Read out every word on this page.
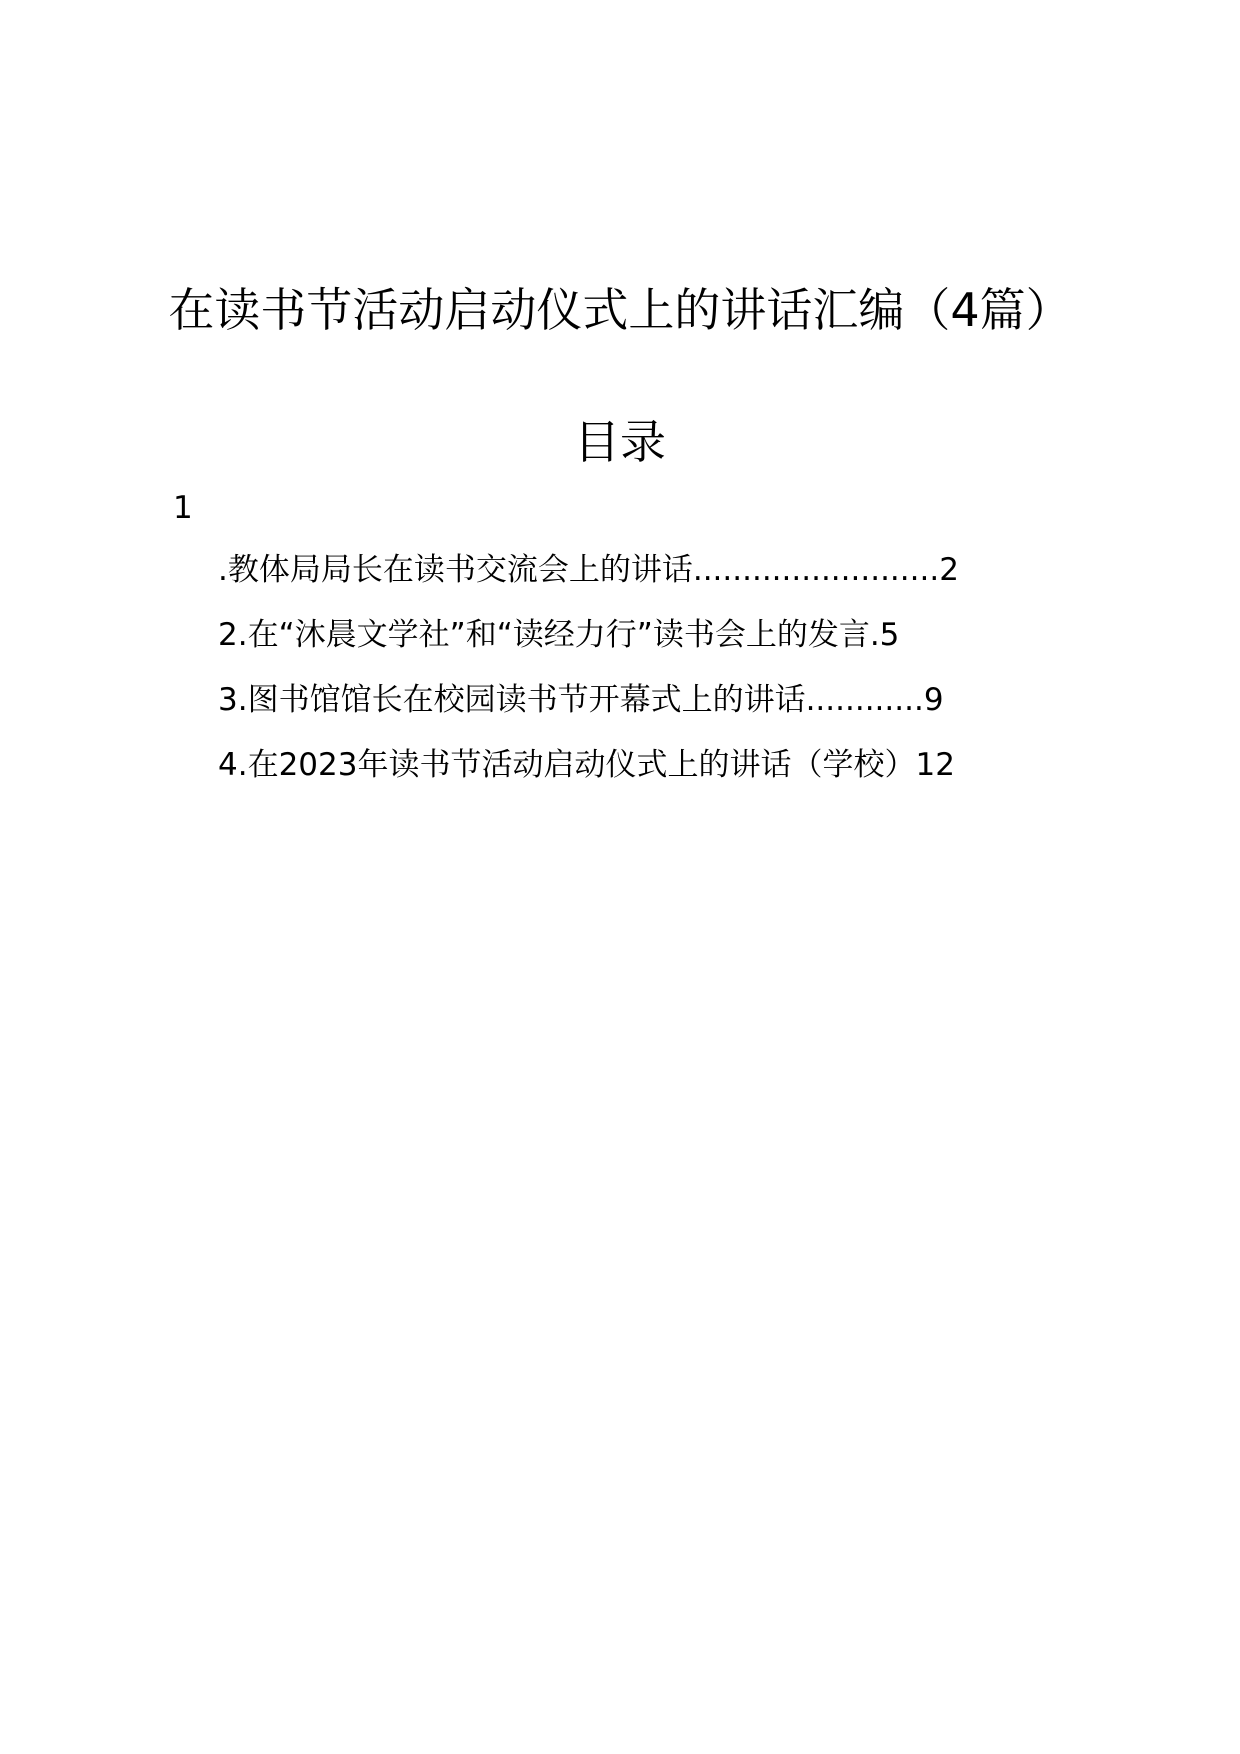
在读书节活动启动仪式上的讲话汇编（4篇）
目录
1
.教体局局长在读书交流会上的讲话.........................2
2.在“沐晨文学社”和“读经力行”读书会上的发言.5
3.图书馆馆长在校园读书节开幕式上的讲话............9
4.在2023年读书节活动启动仪式上的讲话（学校）12
